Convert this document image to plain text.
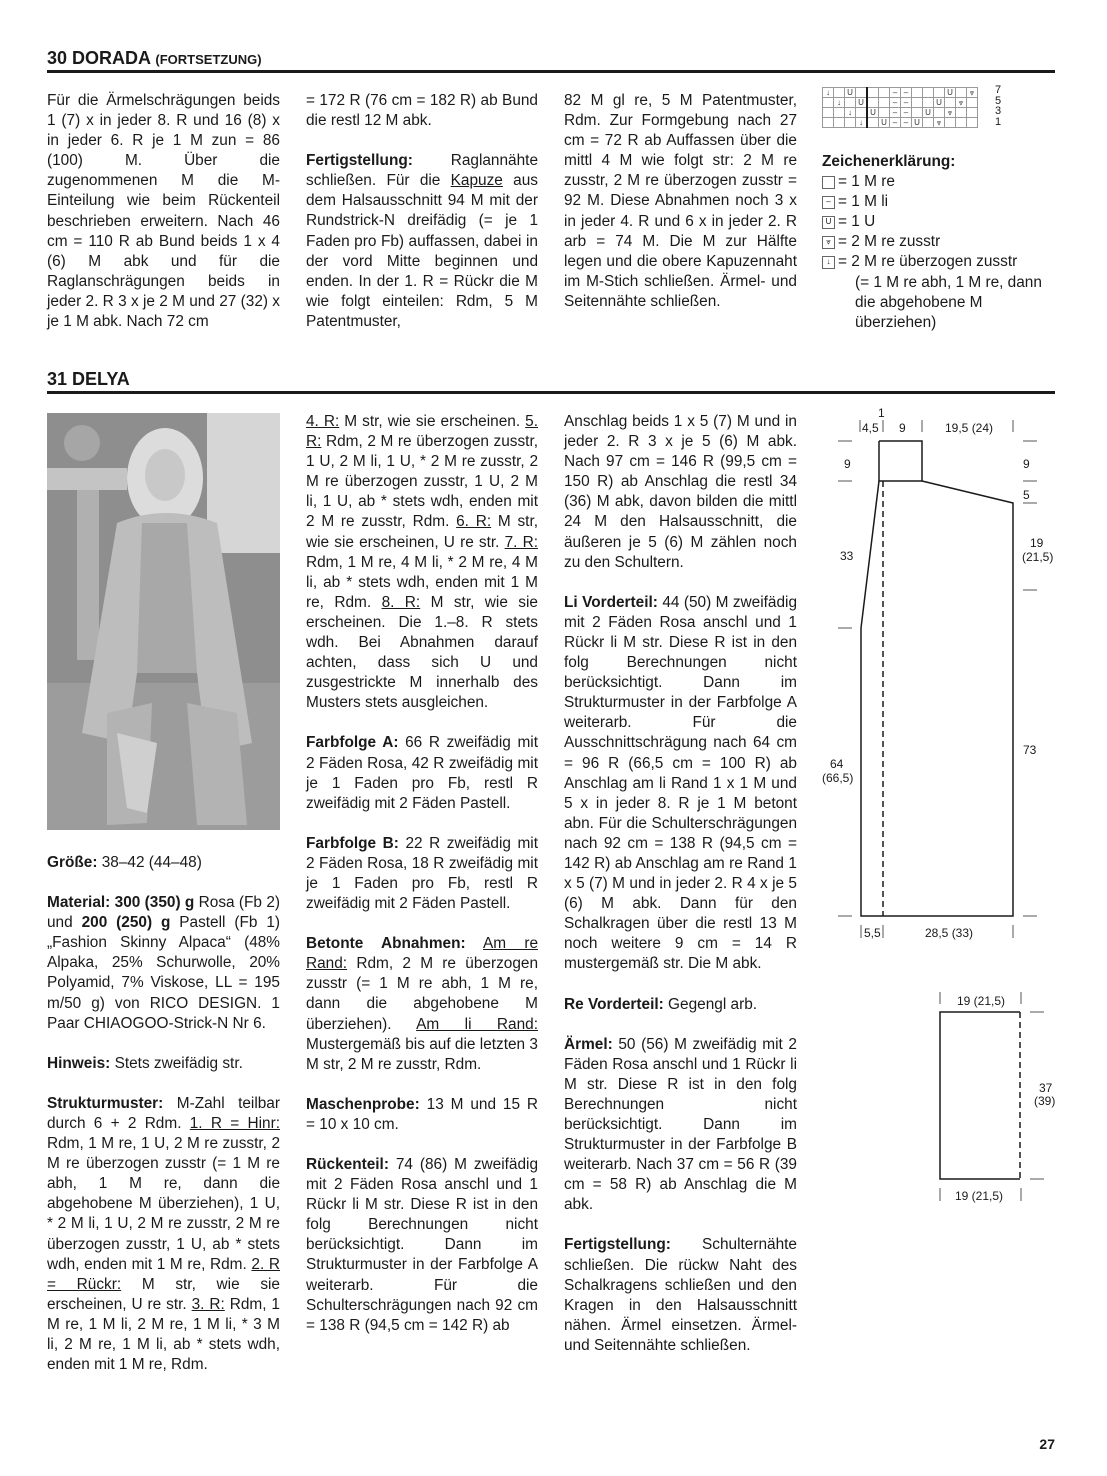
30 DORADA (FORTSETZUNG)

Für die Ärmelschrägungen beids 1 (7) x in jeder 8. R und 16 (8) x in jeder 6. R je 1 M zun = 86 (100) M. Über die zugenommenen M die M-Einteilung wie beim Rückenteil beschrieben erweitern. Nach 46 cm = 110 R ab Bund beids 1 x 4 (6) M abk und für die Raglanschrägungen beids in jeder 2. R 3 x je 2 M und 27 (32) x je 1 M abk. Nach 72 cm

= 172 R (76 cm = 182 R) ab Bund die restl 12 M abk.

Fertigstellung: Raglannähte schließen. Für die Kapuze aus dem Halsausschnitt 94 M mit der Rundstrick-N dreifädig (= je 1 Faden pro Fb) auffassen, dabei in der vord Mitte beginnen und enden. In der 1. R = Rückr die M wie folgt einteilen: Rdm, 5 M Patentmuster,

82 M gl re, 5 M Patentmuster, Rdm. Zur Formgebung nach 27 cm = 72 R ab Auffassen über die mittl 4 M wie folgt str: 2 M re zusstr, 2 M re überzogen zusstr = 92 M. Diese Abnahmen noch 3 x in jeder 4. R und 6 x in jeder 2. R arb = 74 M. Die M zur Hälfte legen und die obere Kapuzennaht im M-Stich schließen. Ärmel- und Seitennähte schließen.

↓		U				–	–				U		⩔
	↓		U			–	–			U		⩔	
		↓		U		–	–		U		⩔		
			↓		U	–	–	U		⩔			
7
5
3
1
Zeichenerklärung:
= 1 M re
– = 1 M li
U = 1 U
⩔ = 2 M re zusstr
↓ = 2 M re überzogen zusstr
(= 1 M re abh, 1 M re, dann die abgehobene M überziehen)
31 DELYA

Größe: 38–42 (44–48)

Material: 300 (350) g Rosa (Fb 2) und 200 (250) g Pastell (Fb 1) „Fashion Skinny Alpaca“ (48% Alpaka, 25% Schurwolle, 20% Polyamid, 7% Viskose, LL = 195 m/50 g) von RICO DESIGN. 1 Paar CHIAOGOO-Strick-N Nr 6.

Hinweis: Stets zweifädig str.

Strukturmuster: M-Zahl teilbar durch 6 + 2 Rdm. 1. R = Hinr: Rdm, 1 M re, 1 U, 2 M re zusstr, 2 M re überzogen zusstr (= 1 M re abh, 1 M re, dann die abgehobene M überziehen), 1 U, * 2 M li, 1 U, 2 M re zusstr, 2 M re überzogen zusstr, 1 U, ab * stets wdh, enden mit 1 M re, Rdm. 2. R = Rückr: M str, wie sie erscheinen, U re str. 3. R: Rdm, 1 M re, 1 M li, 2 M re, 1 M li, * 3 M li, 2 M re, 1 M li, ab * stets wdh, enden mit 1 M re, Rdm.

4. R: M str, wie sie erscheinen. 5. R: Rdm, 2 M re überzogen zusstr, 1 U, 2 M li, 1 U, * 2 M re zusstr, 2 M re überzogen zusstr, 1 U, 2 M li, 1 U, ab * stets wdh, enden mit 2 M re zusstr, Rdm. 6. R: M str, wie sie erscheinen, U re str. 7. R: Rdm, 1 M re, 4 M li, * 2 M re, 4 M li, ab * stets wdh, enden mit 1 M re, Rdm. 8. R: M str, wie sie erscheinen. Die 1.–8. R stets wdh. Bei Abnahmen darauf achten, dass sich U und zusgestrickte M innerhalb des Musters stets ausgleichen.

Farbfolge A: 66 R zweifädig mit 2 Fäden Rosa, 42 R zweifädig mit je 1 Faden pro Fb, restl R zweifädig mit 2 Fäden Pastell.

Farbfolge B: 22 R zweifädig mit 2 Fäden Rosa, 18 R zweifädig mit je 1 Faden pro Fb, restl R zweifädig mit 2 Fäden Pastell.

Betonte Abnahmen: Am re Rand: Rdm, 2 M re überzogen zusstr (= 1 M re abh, 1 M re, dann die abgehobene M überziehen). Am li Rand: Mustergemäß bis auf die letzten 3 M str, 2 M re zusstr, Rdm.

Maschenprobe: 13 M und 15 R = 10 x 10 cm.

Rückenteil: 74 (86) M zweifädig mit 2 Fäden Rosa anschl und 1 Rückr li M str. Diese R ist in den folg Berechnungen nicht berücksichtigt. Dann im Strukturmuster in der Farbfolge A weiterarb. Für die Schulterschrägungen nach 92 cm = 138 R (94,5 cm = 142 R) ab

Anschlag beids 1 x 5 (7) M und in jeder 2. R 3 x je 5 (6) M abk. Nach 97 cm = 146 R (99,5 cm = 150 R) ab Anschlag die restl 34 (36) M abk, davon bilden die mittl 24 M den Halsausschnitt, die äußeren je 5 (6) M zählen noch zu den Schultern.

Li Vorderteil: 44 (50) M zweifädig mit 2 Fäden Rosa anschl und 1 Rückr li M str. Diese R ist in den folg Berechnungen nicht berücksichtigt. Dann im Strukturmuster in der Farbfolge A weiterarb. Für die Ausschnittschrägung nach 64 cm = 96 R (66,5 cm = 100 R) ab Anschlag am li Rand 1 x 1 M und 5 x in jeder 8. R je 1 M betont abn. Für die Schulterschrägungen nach 92 cm = 138 R (94,5 cm = 142 R) ab Anschlag am re Rand 1 x 5 (7) M und in jeder 2. R 4 x je 5 (6) M abk. Dann für den Schalkragen über die restl 13 M noch weitere 9 cm = 14 R mustergemäß str. Die M abk.

Re Vorderteil: Gegengl arb.

Ärmel: 50 (56) M zweifädig mit 2 Fäden Rosa anschl und 1 Rückr li M str. Diese R ist in den folg Berechnungen nicht berücksichtigt. Dann im Strukturmuster in der Farbfolge B weiterarb. Nach 37 cm = 56 R (39 cm = 58 R) ab Anschlag die M abk.

Fertigstellung: Schulternähte schließen. Die rückw Naht des Schalkragens schließen und den Kragen in den Halsausschnitt nähen. Ärmel einsetzen. Ärmel- und Seitennähte schließen.

1
4,5 9	19,5 (24)
9
33
64
(66,5)
9
5
19
(21,5)
73
5,5	28,5 (33)
19 (21,5)
37
(39)
19 (21,5)
27
